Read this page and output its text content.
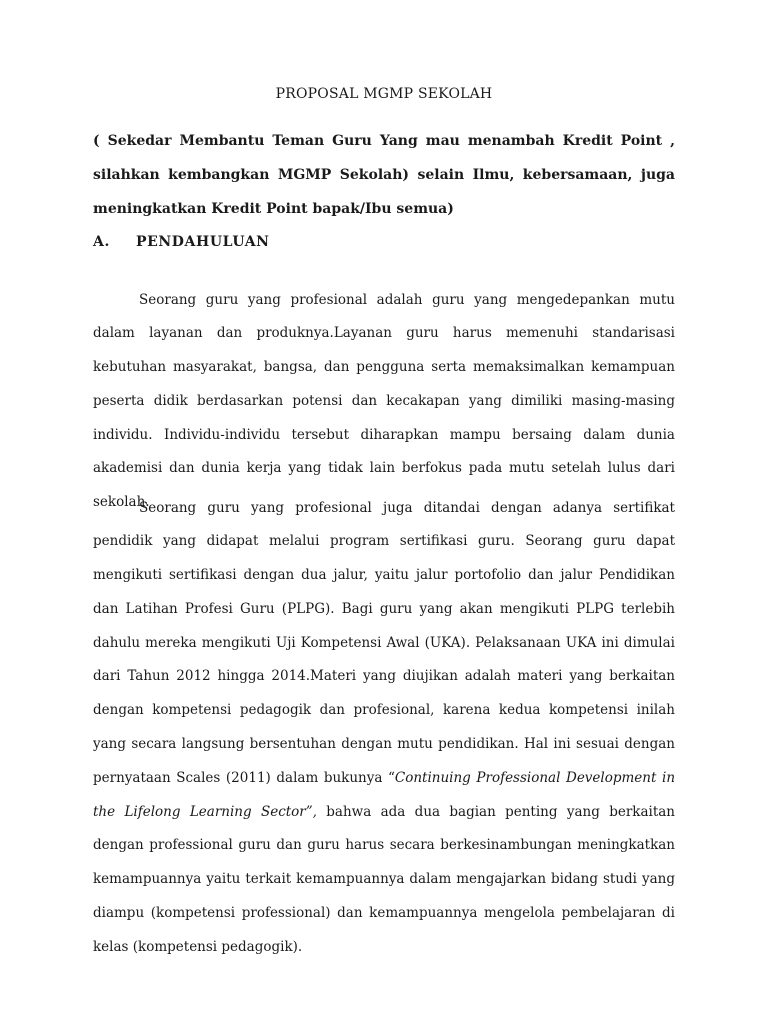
PROPOSAL MGMP SEKOLAH
( Sekedar Membantu Teman Guru Yang mau menambah Kredit Point , silahkan kembangkan MGMP Sekolah) selain Ilmu, kebersamaan, juga meningkatkan Kredit Point bapak/Ibu semua)
A. PENDAHULUAN

Seorang guru yang profesional adalah guru yang mengedepankan mutu dalam layanan dan produknya.Layanan guru harus memenuhi standarisasi kebutuhan masyarakat, bangsa, dan pengguna serta memaksimalkan kemampuan peserta didik berdasarkan potensi dan kecakapan yang dimiliki masing-masing individu. Individu-individu tersebut diharapkan mampu bersaing dalam dunia akademisi dan dunia kerja yang tidak lain berfokus pada mutu setelah lulus dari sekolah.

Seorang guru yang profesional juga ditandai dengan adanya sertifikat pendidik yang didapat melalui program sertifikasi guru. Seorang guru dapat mengikuti sertifikasi dengan dua jalur, yaitu jalur portofolio dan jalur Pendidikan dan Latihan Profesi Guru (PLPG). Bagi guru yang akan mengikuti PLPG terlebih dahulu mereka mengikuti Uji Kompetensi Awal (UKA). Pelaksanaan UKA ini dimulai dari Tahun 2012 hingga 2014.Materi yang diujikan adalah materi yang berkaitan dengan kompetensi pedagogik dan profesional, karena kedua kompetensi inilah yang secara langsung bersentuhan dengan mutu pendidikan. Hal ini sesuai dengan pernyataan Scales (2011) dalam bukunya “Continuing Professional Development in the Lifelong Learning Sector”, bahwa ada dua bagian penting yang berkaitan dengan professional guru dan guru harus secara berkesinambungan meningkatkan kemampuannya yaitu terkait kemampuannya dalam mengajarkan bidang studi yang diampu (kompetensi professional) dan kemampuannya mengelola pembelajaran di kelas (kompetensi pedagogik).
